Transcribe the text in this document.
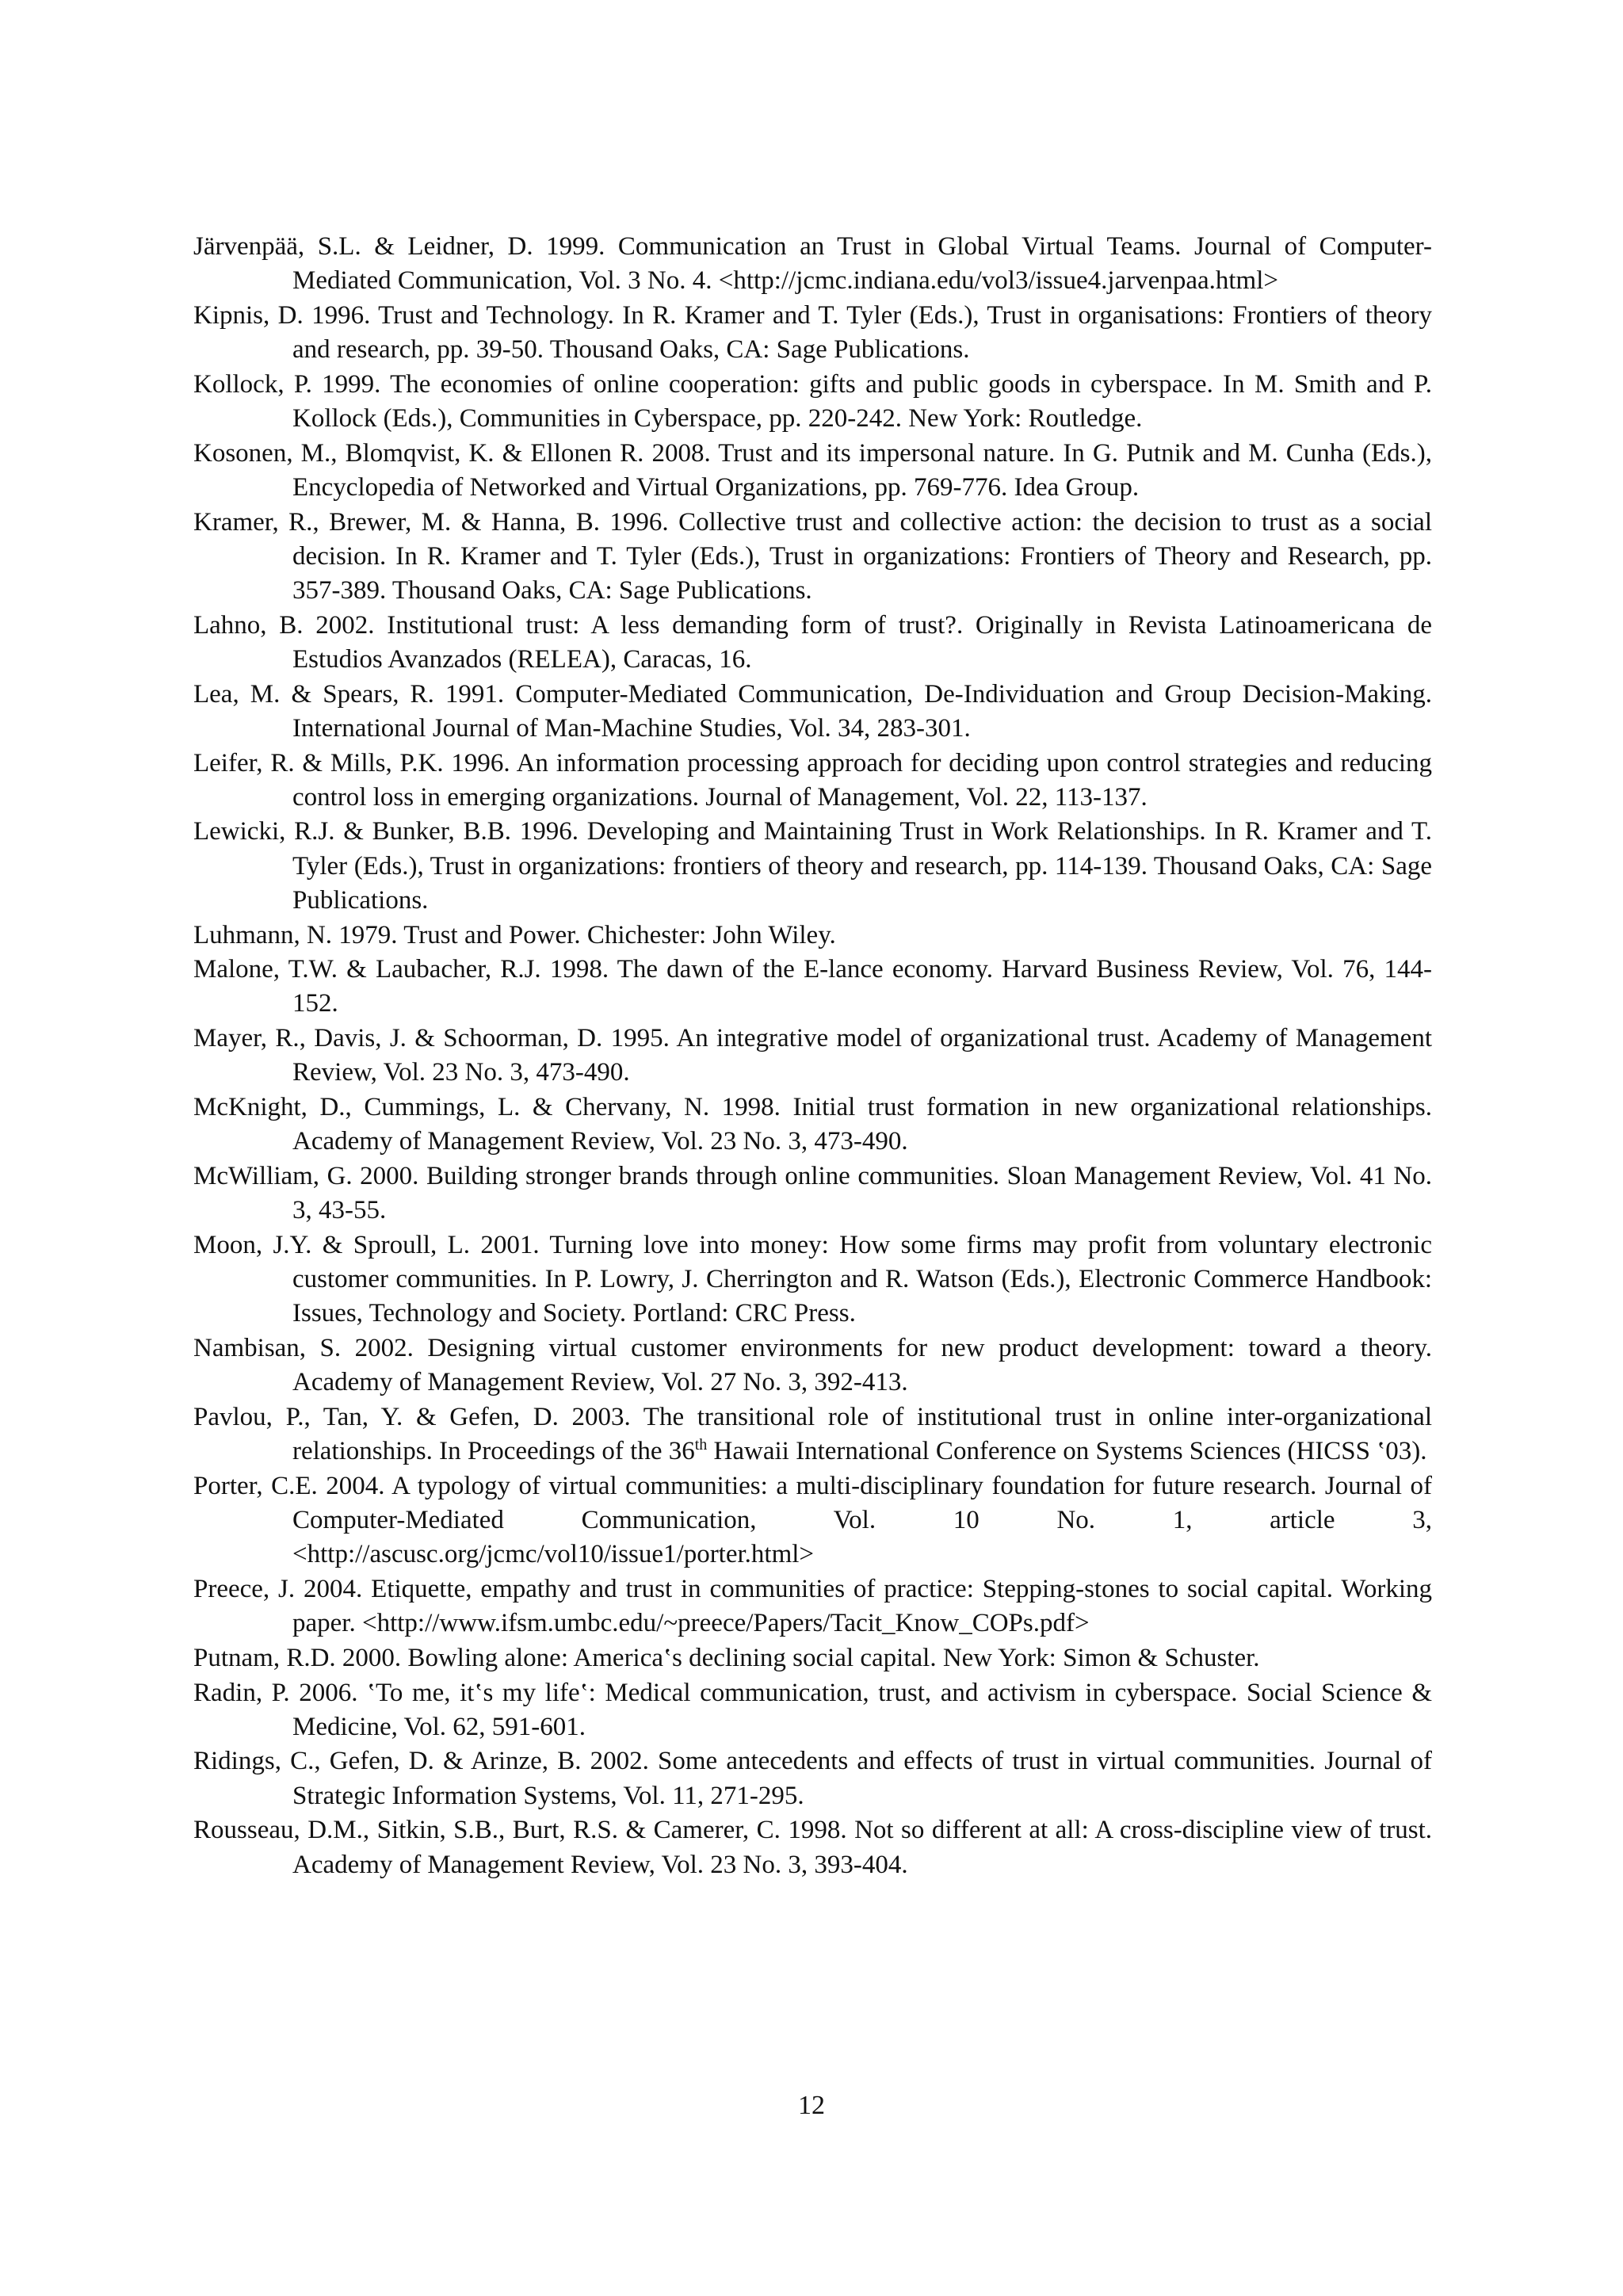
Järvenpää, S.L. & Leidner, D. 1999. Communication an Trust in Global Virtual Teams. Journal of Computer-Mediated Communication, Vol. 3 No. 4. <http://jcmc.indiana.edu/vol3/issue4.jarvenpaa.html>

Kipnis, D. 1996. Trust and Technology. In R. Kramer and T. Tyler (Eds.), Trust in organisations: Frontiers of theory and research, pp. 39-50. Thousand Oaks, CA: Sage Publications.

Kollock, P. 1999. The economies of online cooperation: gifts and public goods in cyberspace. In M. Smith and P. Kollock (Eds.), Communities in Cyberspace, pp. 220-242. New York: Routledge.

Kosonen, M., Blomqvist, K. & Ellonen R. 2008. Trust and its impersonal nature. In G. Putnik and M. Cunha (Eds.), Encyclopedia of Networked and Virtual Organizations, pp. 769-776. Idea Group.

Kramer, R., Brewer, M. & Hanna, B. 1996. Collective trust and collective action: the decision to trust as a social decision. In R. Kramer and T. Tyler (Eds.), Trust in organizations: Frontiers of Theory and Research, pp. 357-389. Thousand Oaks, CA: Sage Publications.

Lahno, B. 2002. Institutional trust: A less demanding form of trust?. Originally in Revista Latinoamericana de Estudios Avanzados (RELEA), Caracas, 16.

Lea, M. & Spears, R. 1991. Computer-Mediated Communication, De-Individuation and Group Decision-Making. International Journal of Man-Machine Studies, Vol. 34, 283-301.

Leifer, R. & Mills, P.K. 1996. An information processing approach for deciding upon control strategies and reducing control loss in emerging organizations. Journal of Management, Vol. 22, 113-137.

Lewicki, R.J. & Bunker, B.B. 1996. Developing and Maintaining Trust in Work Relationships. In R. Kramer and T. Tyler (Eds.), Trust in organizations: frontiers of theory and research, pp. 114-139. Thousand Oaks, CA: Sage Publications.

Luhmann, N. 1979. Trust and Power. Chichester: John Wiley.

Malone, T.W. & Laubacher, R.J. 1998. The dawn of the E-lance economy. Harvard Business Review, Vol. 76, 144-152.

Mayer, R., Davis, J. & Schoorman, D. 1995. An integrative model of organizational trust. Academy of Management Review, Vol. 23 No. 3, 473-490.

McKnight, D., Cummings, L. & Chervany, N. 1998. Initial trust formation in new organizational relationships. Academy of Management Review, Vol. 23 No. 3, 473-490.

McWilliam, G. 2000. Building stronger brands through online communities. Sloan Management Review, Vol. 41 No. 3, 43-55.

Moon, J.Y. & Sproull, L. 2001. Turning love into money: How some firms may profit from voluntary electronic customer communities. In P. Lowry, J. Cherrington and R. Watson (Eds.), Electronic Commerce Handbook: Issues, Technology and Society. Portland: CRC Press.

Nambisan, S. 2002. Designing virtual customer environments for new product development: toward a theory. Academy of Management Review, Vol. 27 No. 3, 392-413.

Pavlou, P., Tan, Y. & Gefen, D. 2003. The transitional role of institutional trust in online inter-organizational relationships. In Proceedings of the 36th Hawaii International Conference on Systems Sciences (HICSS ‛03).

Porter, C.E. 2004. A typology of virtual communities: a multi-disciplinary foundation for future research. Journal of Computer-Mediated Communication, Vol. 10 No. 1, article 3, <http://ascusc.org/jcmc/vol10/issue1/porter.html>

Preece, J. 2004. Etiquette, empathy and trust in communities of practice: Stepping-stones to social capital. Working paper. <http://www.ifsm.umbc.edu/~preece/Papers/Tacit_Know_COPs.pdf>

Putnam, R.D. 2000. Bowling alone: America‛s declining social capital. New York: Simon & Schuster.

Radin, P. 2006. ‛To me, it‛s my life‛: Medical communication, trust, and activism in cyberspace. Social Science & Medicine, Vol. 62, 591-601.

Ridings, C., Gefen, D. & Arinze, B. 2002. Some antecedents and effects of trust in virtual communities. Journal of Strategic Information Systems, Vol. 11, 271-295.

Rousseau, D.M., Sitkin, S.B., Burt, R.S. & Camerer, C. 1998. Not so different at all: A cross-discipline view of trust. Academy of Management Review, Vol. 23 No. 3, 393-404.

12
